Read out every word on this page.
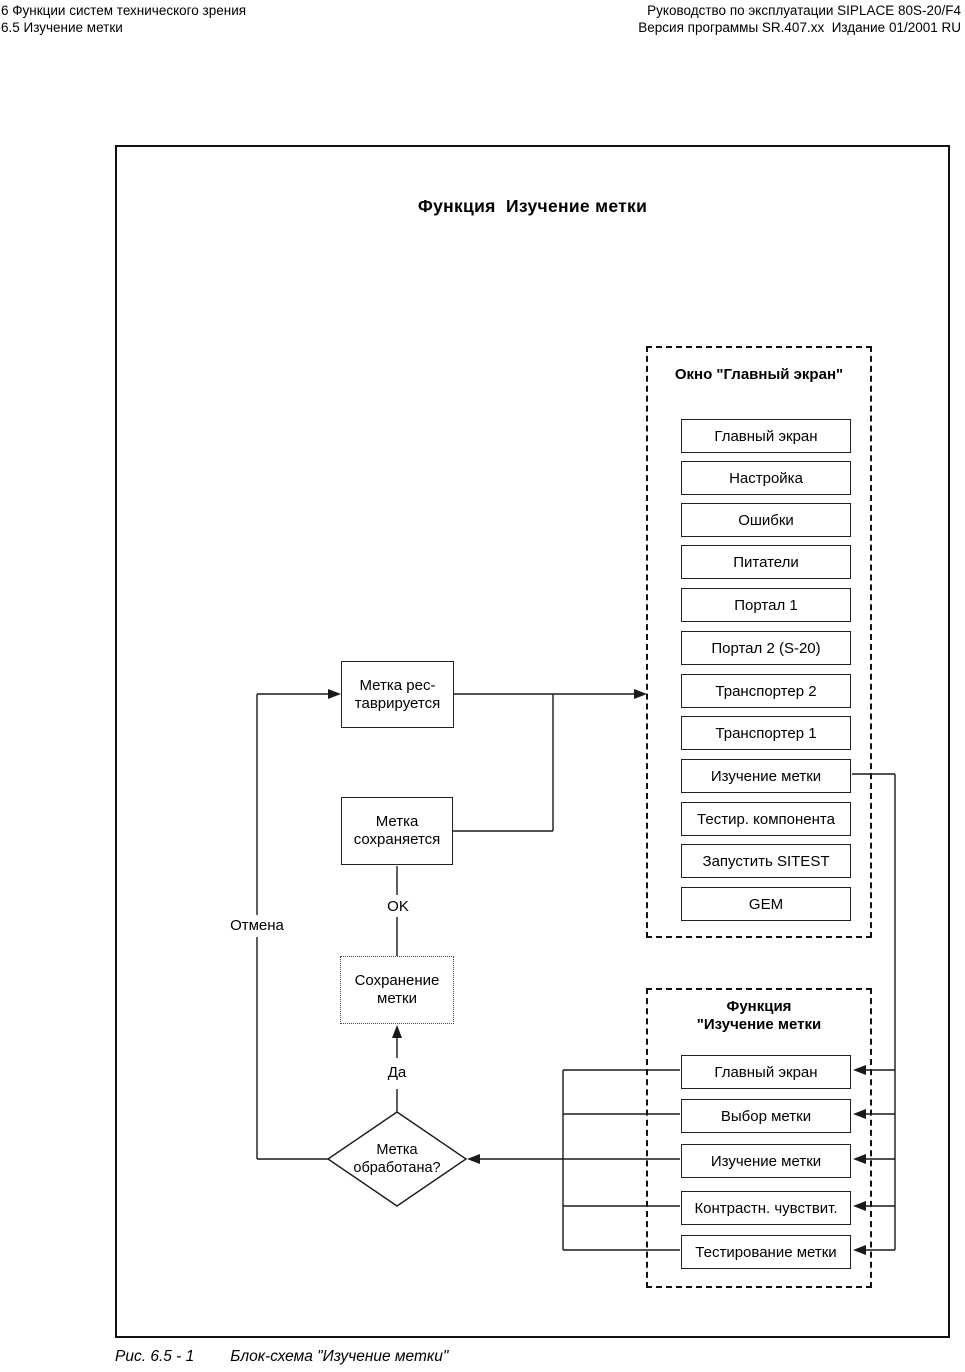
6 Функции систем технического зрения
6.5 Изучение метки
Руководство по эксплуатации SIPLACE 80S-20/F4
Версия программы SR.407.xx  Издание 01/2001 RU
Функция  Изучение метки
Метка рес-
таврируется
Метка
сохраняется
Сохранение
метки
Метка
обработана?
OK
Отмена
Да
Окно "Главный экран"
Главный экран
Настройка
Ошибки
Питатели
Портал 1
Портал 2 (S-20)
Транспортер 2
Транспортер 1
Изучение метки
Тестир. компонента
Запустить SITEST
GEM
Функция
"Изучение метки
Главный экран
Выбор метки
Изучение метки
Контрастн. чувствит.
Тестирование метки
Рис. 6.5 - 1 Блок-схема "Изучение метки"
